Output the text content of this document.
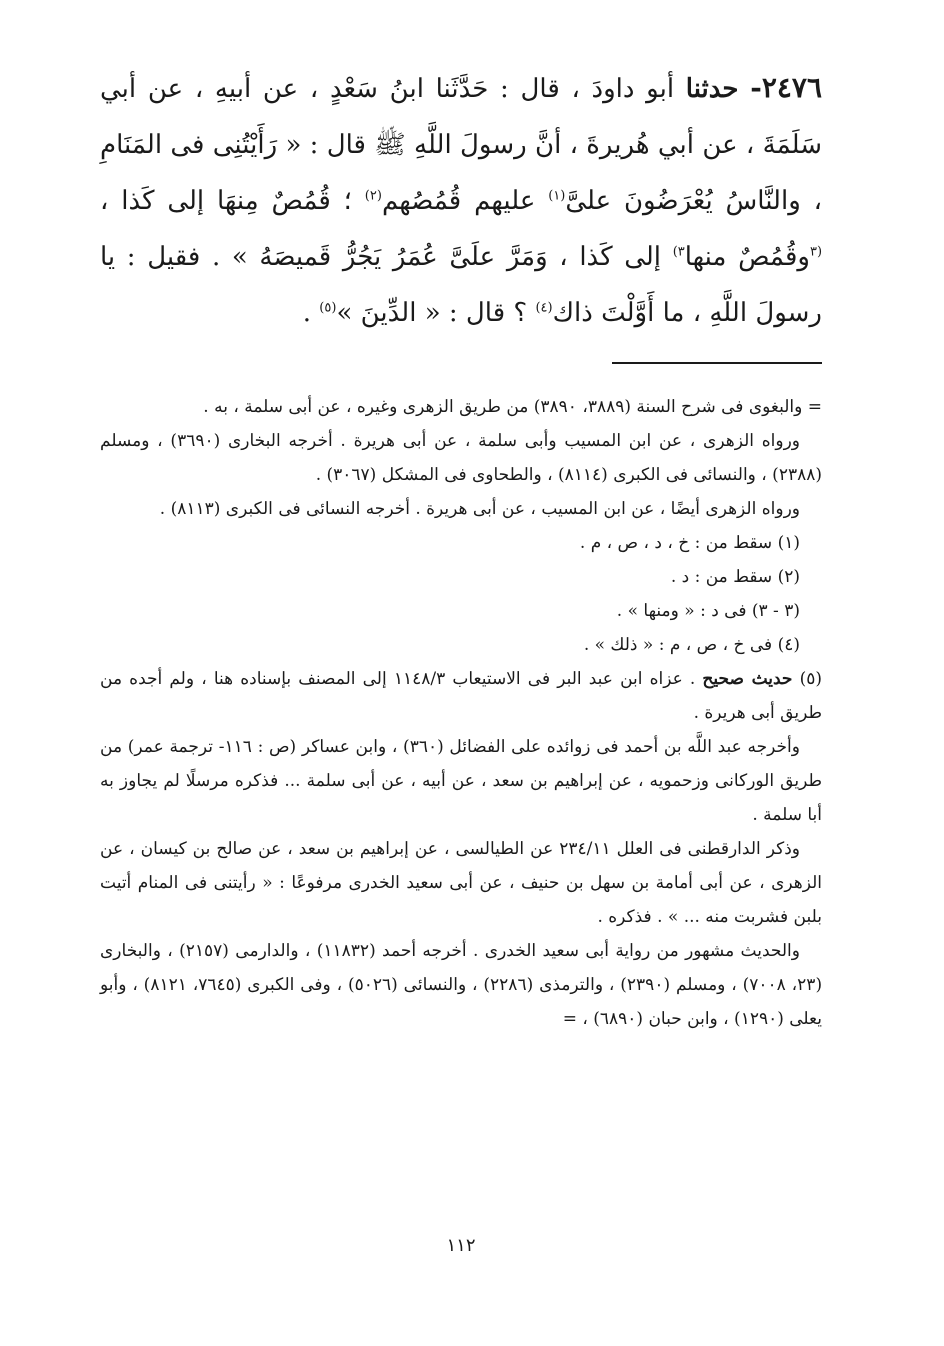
٢٤٧٦- حدثنا أبو داودَ ، قال : حَدَّثَنا ابنُ سَعْدٍ ، عن أبيهِ ، عن أبي سَلَمَةَ ، عن أبي هُريرةَ ، أنَّ رسولَ اللَّهِ ﷺ قال : « رَأَيْتُنِى فى المَنَامِ ، والنَّاسُ يُعْرَضُونَ علىَّ$^{(١)}$ عليهم قُمُصُهم$^{(٢)}$ ؛ قُمُصٌ مِنهَا إلى كَذا ، $^{(٣}$وقُمُصٌ منها$^{٣)}$ إلى كَذا ، وَمَرَّ علَىَّ عُمَرُ يَجُرُّ قَميصَهُ » . فقيل : يا رسولَ اللَّهِ ، ما أَوَّلْتَ ذاك$^{(٤)}$ ؟ قال : « الدِّينَ »$^{(٥)}$ .

= والبغوى فى شرح السنة (٣٨٨٩، ٣٨٩٠) من طريق الزهرى وغيره ، عن أبى سلمة ، به .

ورواه الزهرى ، عن ابن المسيب وأبى سلمة ، عن أبى هريرة . أخرجه البخارى (٣٦٩٠) ، ومسلم (٢٣٨٨) ، والنسائى فى الكبرى (٨١١٤) ، والطحاوى فى المشكل (٣٠٦٧) .

ورواه الزهرى أيضًا ، عن ابن المسيب ، عن أبى هريرة . أخرجه النسائى فى الكبرى (٨١١٣) .

(١) سقط من : خ ، د ، ص ، م .

(٢) سقط من : د .

(٣ - ٣) فى د : « ومنها » .

(٤) فى خ ، ص ، م : « ذلك » .

(٥) حديث صحيح . عزاه ابن عبد البر فى الاستيعاب ١١٤٨/٣ إلى المصنف بإسناده هنا ، ولم أجده من طريق أبى هريرة .

وأخرجه عبد اللَّه بن أحمد فى زوائده على الفضائل (٣٦٠) ، وابن عساكر (ص : ١١٦- ترجمة عمر) من طريق الوركانى وزحمويه ، عن إبراهيم بن سعد ، عن أبيه ، عن أبى سلمة ... فذكره مرسلًا لم يجاوز به أبا سلمة .

وذكر الدارقطنى فى العلل ٢٣٤/١١ عن الطيالسى ، عن إبراهيم بن سعد ، عن صالح بن كيسان ، عن الزهرى ، عن أبى أمامة بن سهل بن حنيف ، عن أبى سعيد الخدرى مرفوعًا : « رأيتنى فى المنام أتيت بلبن فشربت منه ... » . فذكره .

والحديث مشهور من رواية أبى سعيد الخدرى . أخرجه أحمد (١١٨٣٢) ، والدارمى (٢١٥٧) ، والبخارى (٢٣، ٧٠٠٨) ، ومسلم (٢٣٩٠) ، والترمذى (٢٢٨٦) ، والنسائى (٥٠٢٦) ، وفى الكبرى (٧٦٤٥، ٨١٢١) ، وأبو يعلى (١٢٩٠) ، وابن حبان (٦٨٩٠) ، =

١١٢
